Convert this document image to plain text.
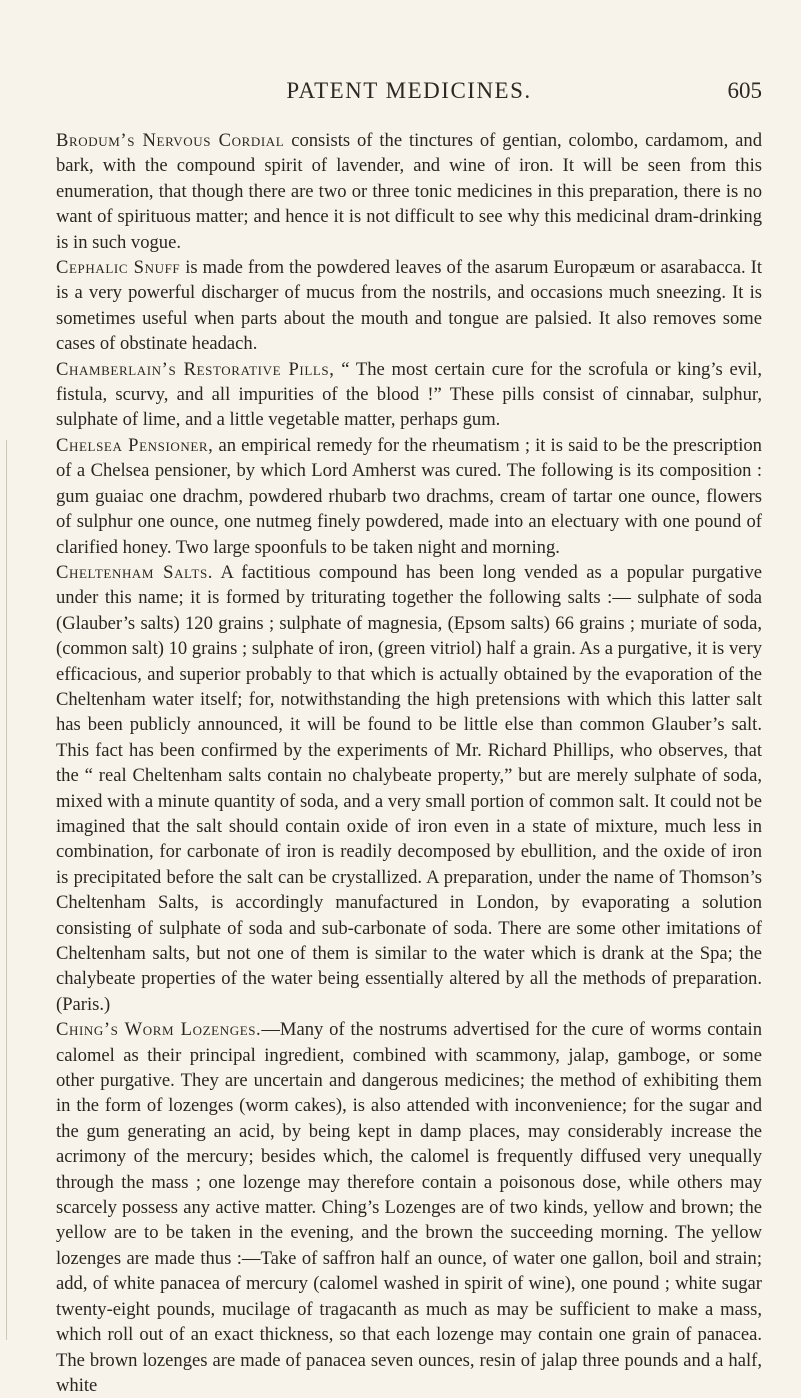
PATENT MEDICINES.	605

Brodum’s Nervous Cordial consists of the tinctures of gentian, colombo, cardamom, and bark, with the compound spirit of lavender, and wine of iron. It will be seen from this enumeration, that though there are two or three tonic medicines in this preparation, there is no want of spirituous matter; and hence it is not difficult to see why this medicinal dram-drinking is in such vogue.

Cephalic Snuff is made from the powdered leaves of the asarum Europæum or asarabacca. It is a very powerful discharger of mucus from the nostrils, and occasions much sneezing. It is sometimes useful when parts about the mouth and tongue are palsied. It also removes some cases of obstinate headach.

Chamberlain’s Restorative Pills, “ The most certain cure for the scrofula or king’s evil, fistula, scurvy, and all impurities of the blood !” These pills consist of cinnabar, sulphur, sulphate of lime, and a little vegetable matter, perhaps gum.

Chelsea Pensioner, an empirical remedy for the rheumatism ; it is said to be the prescription of a Chelsea pensioner, by which Lord Amherst was cured. The following is its composition : gum guaiac one drachm, powdered rhubarb two drachms, cream of tartar one ounce, flowers of sulphur one ounce, one nutmeg finely powdered, made into an electuary with one pound of clarified honey. Two large spoonfuls to be taken night and morning.

Cheltenham Salts. A factitious compound has been long vended as a popular purgative under this name; it is formed by triturating together the following salts :— sulphate of soda (Glauber’s salts) 120 grains ; sulphate of magnesia, (Epsom salts) 66 grains ; muriate of soda, (common salt) 10 grains ; sulphate of iron, (green vitriol) half a grain. As a purgative, it is very efficacious, and superior probably to that which is actually obtained by the evaporation of the Cheltenham water itself; for, notwithstanding the high pretensions with which this latter salt has been publicly announced, it will be found to be little else than common Glauber’s salt. This fact has been confirmed by the experiments of Mr. Richard Phillips, who observes, that the “ real Cheltenham salts contain no chalybeate property,” but are merely sulphate of soda, mixed with a minute quantity of soda, and a very small portion of common salt. It could not be imagined that the salt should contain oxide of iron even in a state of mixture, much less in combination, for carbonate of iron is readily decomposed by ebullition, and the oxide of iron is precipitated before the salt can be crystallized. A preparation, under the name of Thomson’s Cheltenham Salts, is accordingly manufactured in London, by evaporating a solution consisting of sulphate of soda and sub-carbonate of soda. There are some other imitations of Cheltenham salts, but not one of them is similar to the water which is drank at the Spa; the chalybeate properties of the water being essentially altered by all the methods of preparation. (Paris.)

Ching’s Worm Lozenges.—Many of the nostrums advertised for the cure of worms contain calomel as their principal ingredient, combined with scammony, jalap, gamboge, or some other purgative. They are uncertain and dangerous medicines; the method of exhibiting them in the form of lozenges (worm cakes), is also attended with inconvenience; for the sugar and the gum generating an acid, by being kept in damp places, may considerably increase the acrimony of the mercury; besides which, the calomel is frequently diffused very unequally through the mass ; one lozenge may therefore contain a poisonous dose, while others may scarcely possess any active matter. Ching’s Lozenges are of two kinds, yellow and brown; the yellow are to be taken in the evening, and the brown the succeeding morning. The yellow lozenges are made thus :—Take of saffron half an ounce, of water one gallon, boil and strain; add, of white panacea of mercury (calomel washed in spirit of wine), one pound ; white sugar twenty-eight pounds, mucilage of tragacanth as much as may be sufficient to make a mass, which roll out of an exact thickness, so that each lozenge may contain one grain of panacea. The brown lozenges are made of panacea seven ounces, resin of jalap three pounds and a half, white
